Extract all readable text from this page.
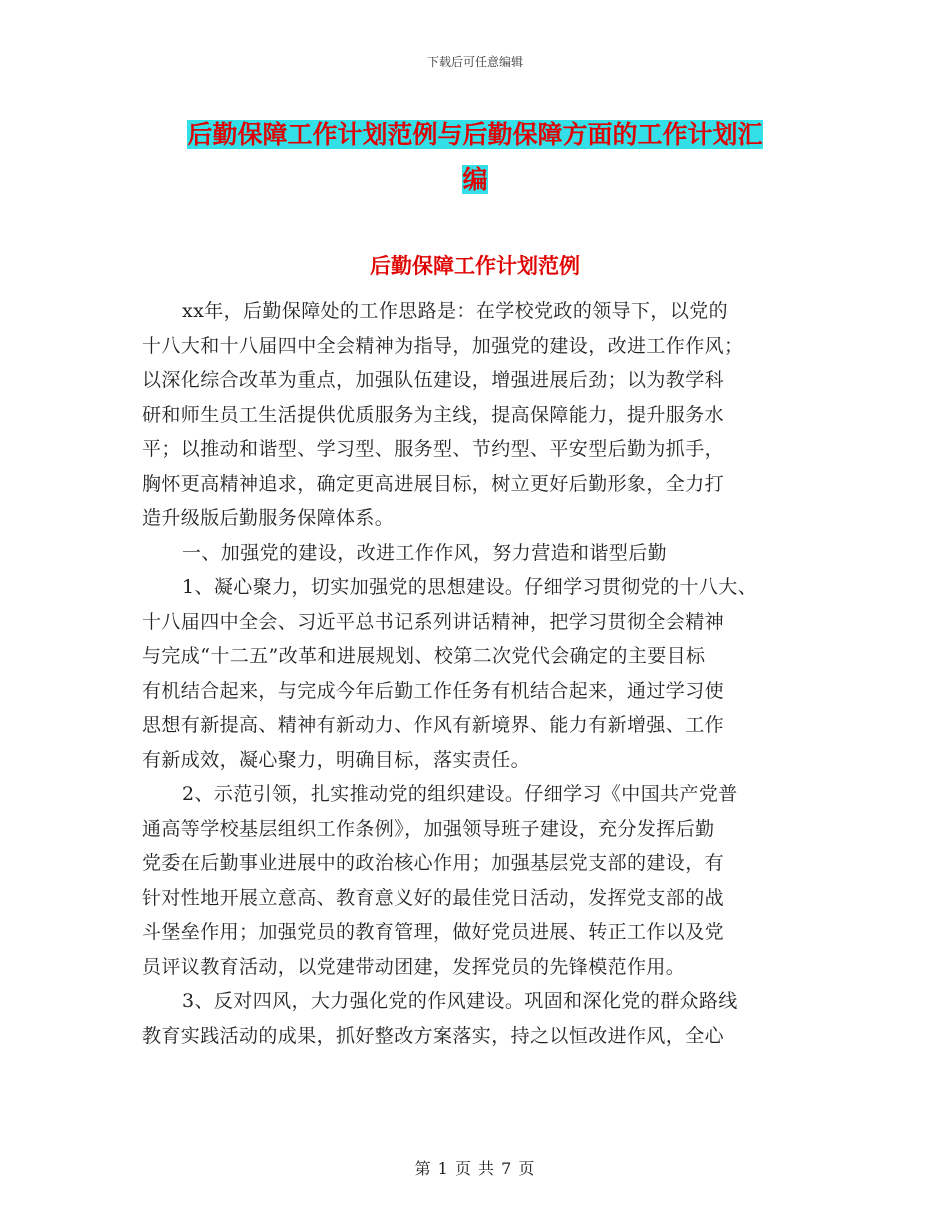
下载后可任意编辑
后勤保障工作计划范例与后勤保障方面的工作计划汇
编
后勤保障工作计划范例
xx年，后勤保障处的工作思路是：在学校党政的领导下，以党的
十八大和十八届四中全会精神为指导，加强党的建设，改进工作作风；
以深化综合改革为重点，加强队伍建设，增强进展后劲；以为教学科
研和师生员工生活提供优质服务为主线，提高保障能力，提升服务水
平；以推动和谐型、学习型、服务型、节约型、平安型后勤为抓手，
胸怀更高精神追求，确定更高进展目标，树立更好后勤形象，全力打
造升级版后勤服务保障体系。
一、加强党的建设，改进工作作风，努力营造和谐型后勤
1、凝心聚力，切实加强党的思想建设。仔细学习贯彻党的十八大、
十八届四中全会、习近平总书记系列讲话精神，把学习贯彻全会精神
与完成“十二五”改革和进展规划、校第二次党代会确定的主要目标
有机结合起来，与完成今年后勤工作任务有机结合起来，通过学习使
思想有新提高、精神有新动力、作风有新境界、能力有新增强、工作
有新成效，凝心聚力，明确目标，落实责任。
2、示范引领，扎实推动党的组织建设。仔细学习《中国共产党普
通高等学校基层组织工作条例》，加强领导班子建设，充分发挥后勤
党委在后勤事业进展中的政治核心作用；加强基层党支部的建设，有
针对性地开展立意高、教育意义好的最佳党日活动，发挥党支部的战
斗堡垒作用；加强党员的教育管理，做好党员进展、转正工作以及党
员评议教育活动，以党建带动团建，发挥党员的先锋模范作用。
3、反对四风，大力强化党的作风建设。巩固和深化党的群众路线
教育实践活动的成果，抓好整改方案落实，持之以恒改进作风，全心
第 1 页 共 7 页
